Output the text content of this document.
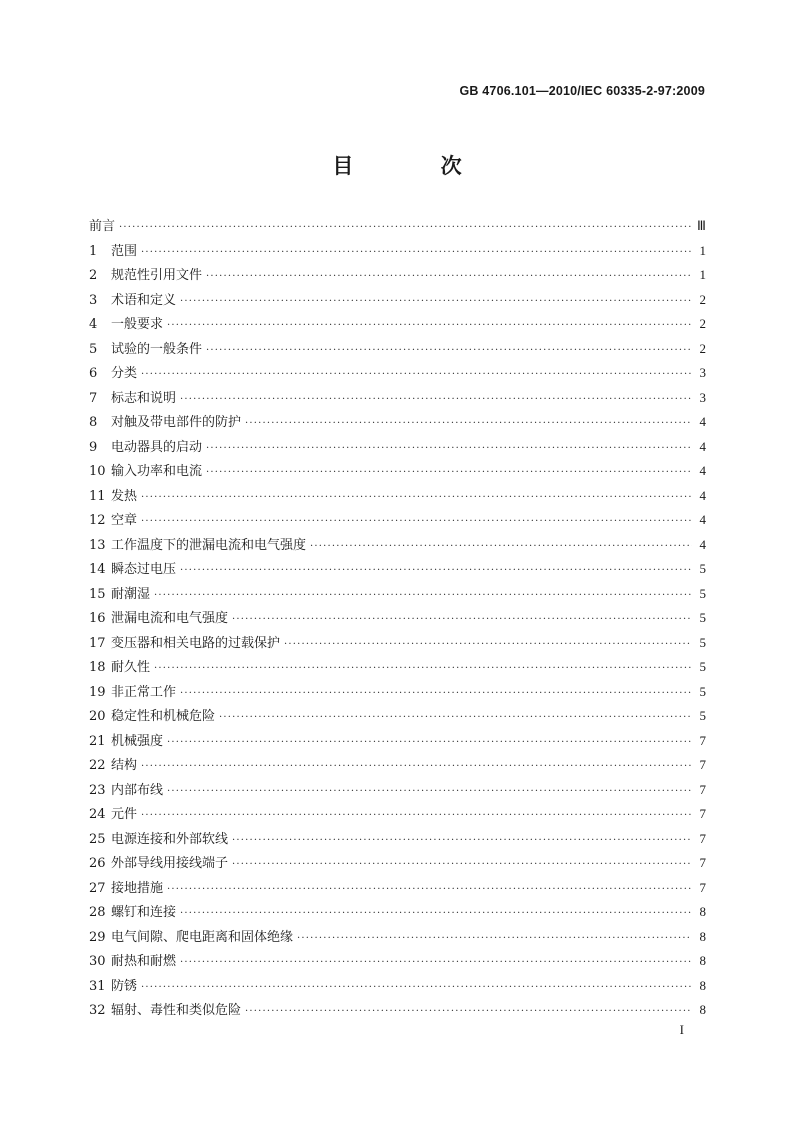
GB 4706.101—2010/IEC 60335-2-97:2009
目 次
前言 ·····	Ⅲ
1	范围 ·····	1
2	规范性引用文件 ·····	1
3	术语和定义 ·····	2
4	一般要求 ·····	2
5	试验的一般条件 ·····	2
6	分类 ·····	3
7	标志和说明 ·····	3
8	对触及带电部件的防护 ·····	4
9	电动器具的启动 ·····	4
10 输入功率和电流 ·····	4
11 发热 ·····	4
12 空章 ·····	4
13 工作温度下的泄漏电流和电气强度 ·····	4
14 瞬态过电压 ·····	5
15 耐潮湿 ·····	5
16 泄漏电流和电气强度 ·····	5
17 变压器和相关电路的过载保护 ·····	5
18 耐久性 ·····	5
19 非正常工作 ·····	5
20 稳定性和机械危险 ·····	5
21 机械强度 ·····	7
22 结构 ·····	7
23 内部布线 ·····	7
24 元件 ·····	7
25 电源连接和外部软线 ·····	7
26 外部导线用接线端子 ·····	7
27 接地措施 ·····	7
28 螺钉和连接 ·····	8
29 电气间隙、爬电距离和固体绝缘 ·····	8
30 耐热和耐燃 ·····	8
31 防锈 ·····	8
32 辐射、毒性和类似危险 ·····	8
I
